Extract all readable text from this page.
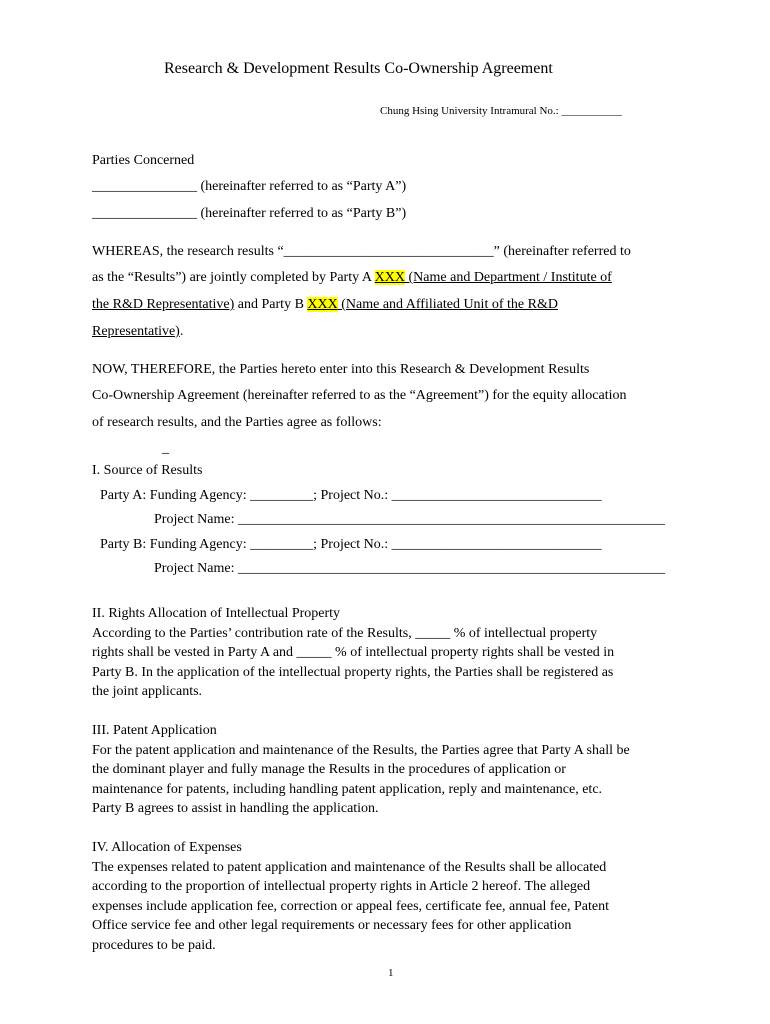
Research & Development Results Co-Ownership Agreement
Chung Hsing University Intramural No.: ___________
Parties Concerned
_______________ (hereinafter referred to as “Party A”)
_______________ (hereinafter referred to as “Party B”)
WHEREAS, the research results “______________________________” (hereinafter referred to
as the “Results”) are jointly completed by Party A XXX (Name and Department / Institute of
the R&D Representative) and Party B XXX (Name and Affiliated Unit of the R&D
Representative).
NOW, THEREFORE, the Parties hereto enter into this Research & Development Results
Co-Ownership Agreement (hereinafter referred to as the “Agreement”) for the equity allocation
of research results, and the Parties agree as follows:
_
I. Source of Results
Party A: Funding Agency: _________; Project No.: ______________________________
Project Name: _____________________________________________________________
Party B: Funding Agency: _________; Project No.: ______________________________
Project Name: _____________________________________________________________

II. Rights Allocation of Intellectual Property

According to the Parties’ contribution rate of the Results, _____ % of intellectual property

rights shall be vested in Party A and _____ % of intellectual property rights shall be vested in

Party B. In the application of the intellectual property rights, the Parties shall be registered as

the joint applicants.

III. Patent Application

For the patent application and maintenance of the Results, the Parties agree that Party A shall be

the dominant player and fully manage the Results in the procedures of application or

maintenance for patents, including handling patent application, reply and maintenance, etc.

Party B agrees to assist in handling the application.

IV. Allocation of Expenses

The expenses related to patent application and maintenance of the Results shall be allocated

according to the proportion of intellectual property rights in Article 2 hereof. The alleged

expenses include application fee, correction or appeal fees, certificate fee, annual fee, Patent

Office service fee and other legal requirements or necessary fees for other application

procedures to be paid.

1
